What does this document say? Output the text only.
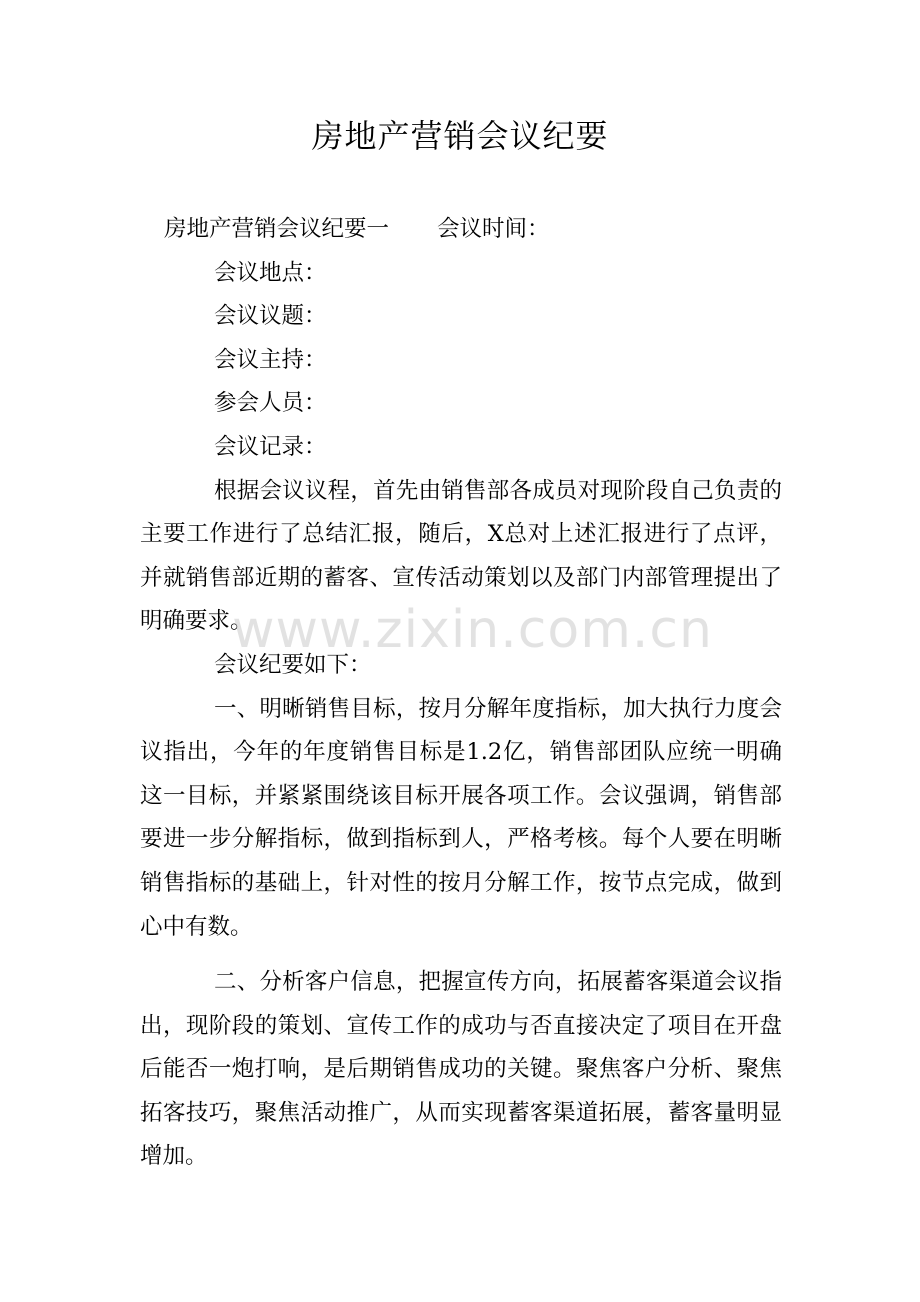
房地产营销会议纪要

房地产营销会议纪要一 会议时间：

会议地点：

会议议题：

会议主持：

参会人员：

会议记录：

根据会议议程，首先由销售部各成员对现阶段自己负责的主要工作进行了总结汇报，随后，X总对上述汇报进行了点评，并就销售部近期的蓄客、宣传活动策划以及部门内部管理提出了明确要求。

会议纪要如下：

一、明晰销售目标，按月分解年度指标，加大执行力度会议指出，今年的年度销售目标是1.2亿，销售部团队应统一明确这一目标，并紧紧围绕该目标开展各项工作。会议强调，销售部要进一步分解指标，做到指标到人，严格考核。每个人要在明晰销售指标的基础上，针对性的按月分解工作，按节点完成，做到心中有数。

二、分析客户信息，把握宣传方向，拓展蓄客渠道会议指出，现阶段的策划、宣传工作的成功与否直接决定了项目在开盘后能否一炮打响，是后期销售成功的关键。聚焦客户分析、聚焦拓客技巧，聚焦活动推广，从而实现蓄客渠道拓展，蓄客量明显增加。

www.zixin.com.cn
